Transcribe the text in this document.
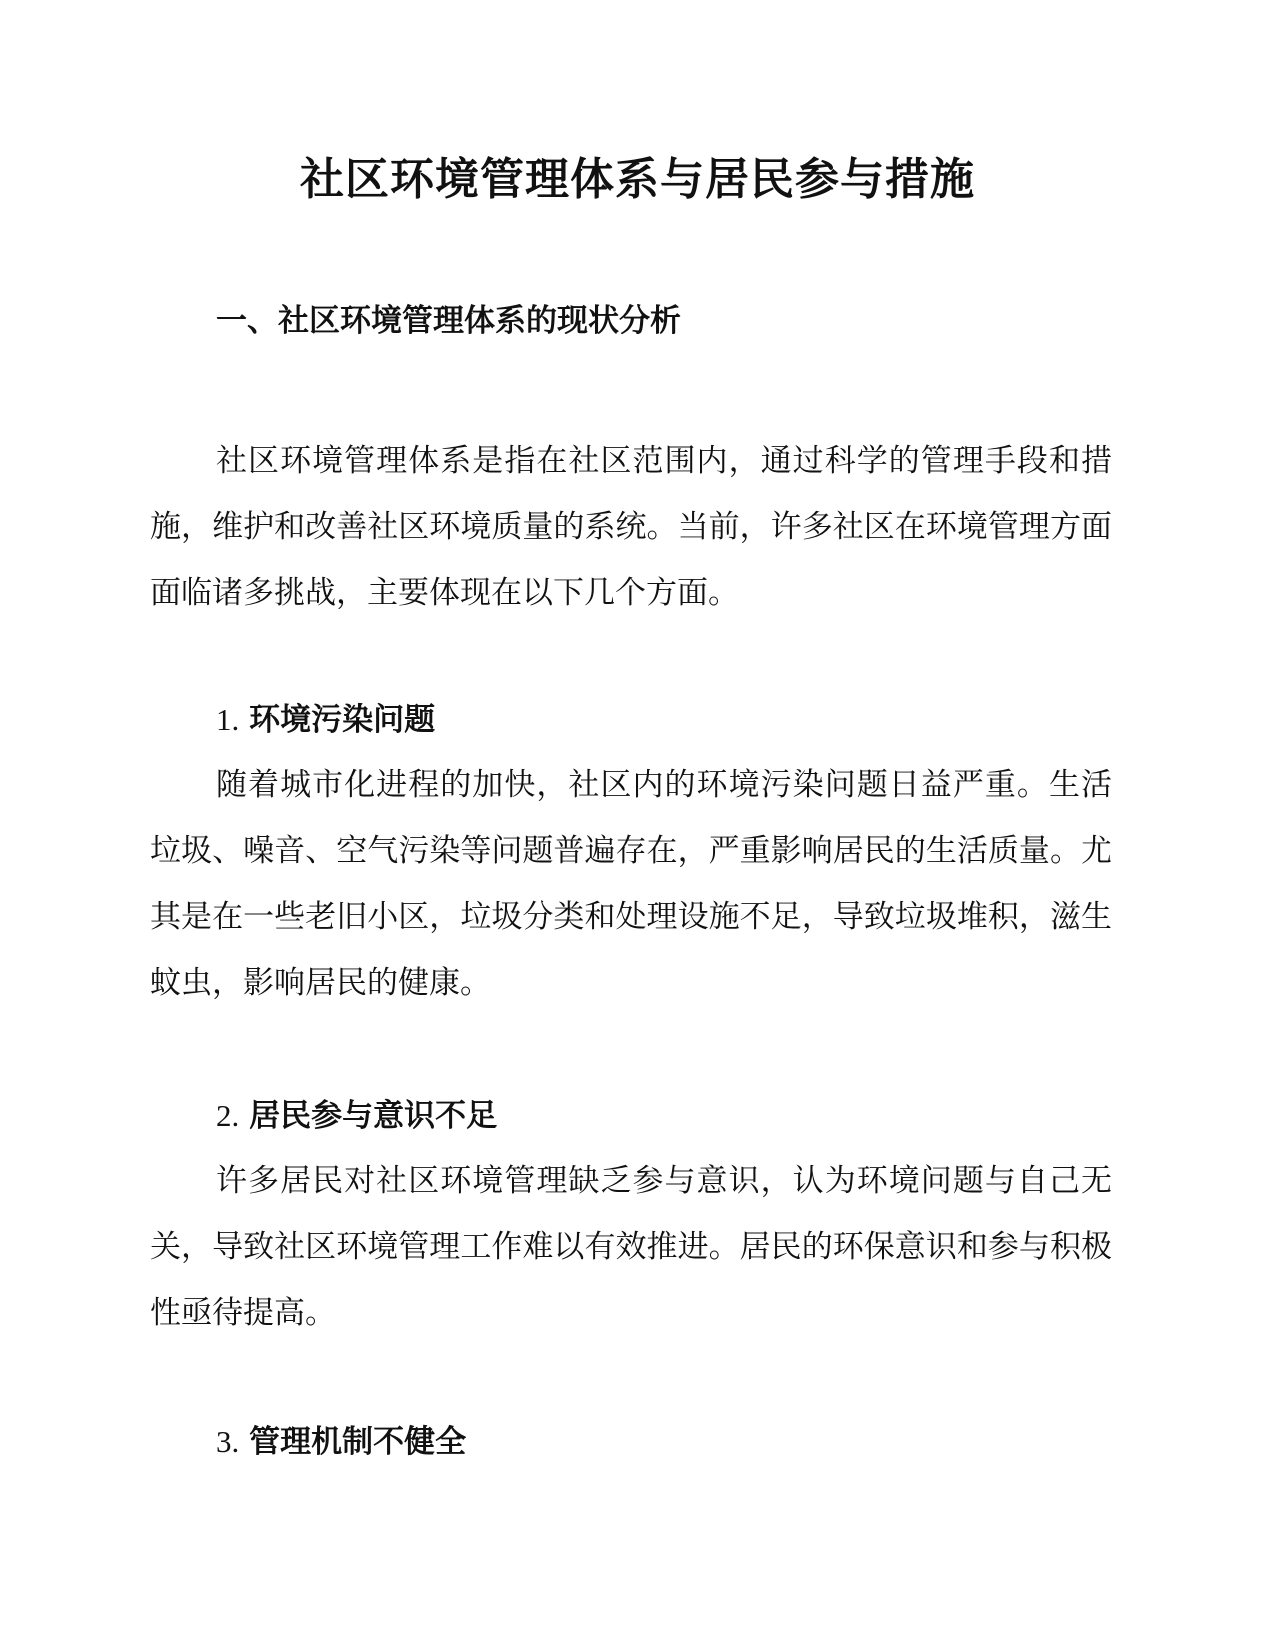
社区环境管理体系与居民参与措施
一、社区环境管理体系的现状分析

社区环境管理体系是指在社区范围内，通过科学的管理手段和措施，维护和改善社区环境质量的系统。当前，许多社区在环境管理方面面临诸多挑战，主要体现在以下几个方面。

1. 环境污染问题

随着城市化进程的加快，社区内的环境污染问题日益严重。生活垃圾、噪音、空气污染等问题普遍存在，严重影响居民的生活质量。尤其是在一些老旧小区，垃圾分类和处理设施不足，导致垃圾堆积，滋生蚊虫，影响居民的健康。

2. 居民参与意识不足

许多居民对社区环境管理缺乏参与意识，认为环境问题与自己无关，导致社区环境管理工作难以有效推进。居民的环保意识和参与积极性亟待提高。

3. 管理机制不健全
